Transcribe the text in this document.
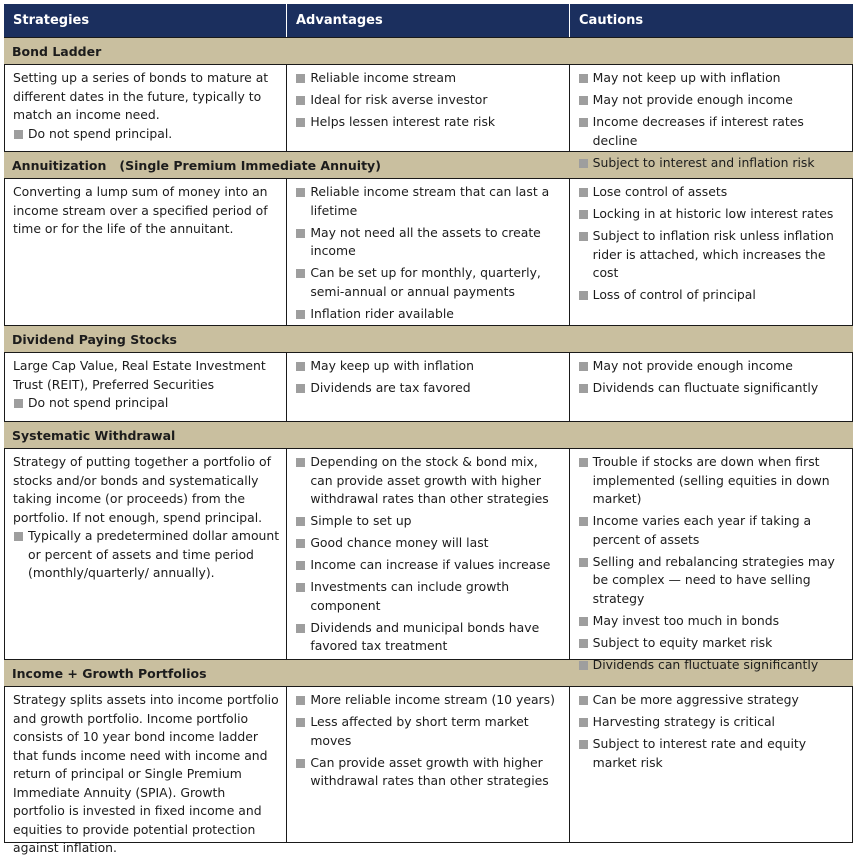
Strategies	Advantages	Cautions
Bond Ladder

Setting up a series of bonds to mature at different dates in the future, typically to match an income need.

Do not spend principal.
Reliable income stream
Ideal for risk averse investor
Helps lessen interest rate risk
May not keep up with inflation
May not provide enough income
Income decreases if interest rates decline
Subject to interest and inflation risk
Annuitization   (Single Premium Immediate Annuity)

Converting a lump sum of money into an income stream over a specified period of time or for the life of the annuitant.

Reliable income stream that can last a lifetime
May not need all the assets to create income
Can be set up for monthly, quarterly, semi-annual or annual payments
Inflation rider available
Lose control of assets
Locking in at historic low interest rates
Subject to inflation risk unless inflation rider is attached, which increases the cost
Loss of control of principal
Dividend Paying Stocks

Large Cap Value, Real Estate Investment Trust (REIT), Preferred Securities

Do not spend principal
May keep up with inflation
Dividends are tax favored
May not provide enough income
Dividends can fluctuate significantly
Systematic Withdrawal

Strategy of putting together a portfolio of stocks and/or bonds and systematically taking income (or proceeds) from the portfolio. If not enough, spend principal.

Typically a predetermined dollar amount or percent of assets and time period (monthly/quarterly/ annually).
Depending on the stock & bond mix, can provide asset growth with higher withdrawal rates than other strategies
Simple to set up
Good chance money will last
Income can increase if values increase
Investments can include growth component
Dividends and municipal bonds have favored tax treatment
Trouble if stocks are down when first implemented (selling equities in down market)
Income varies each year if taking a percent of assets
Selling and rebalancing strategies may be complex — need to have selling strategy
May invest too much in bonds
Subject to equity market risk
Dividends can fluctuate significantly
Income + Growth Portfolios

Strategy splits assets into income portfolio and growth portfolio. Income portfolio consists of 10 year bond income ladder that funds income need with income and return of principal or Single Premium Immediate Annuity (SPIA). Growth portfolio is invested in fixed income and equities to provide potential protection against inflation.

More reliable income stream (10 years)
Less affected by short term market moves
Can provide asset growth with higher withdrawal rates than other strategies
Can be more aggressive strategy
Harvesting strategy is critical
Subject to interest rate and equity market risk
